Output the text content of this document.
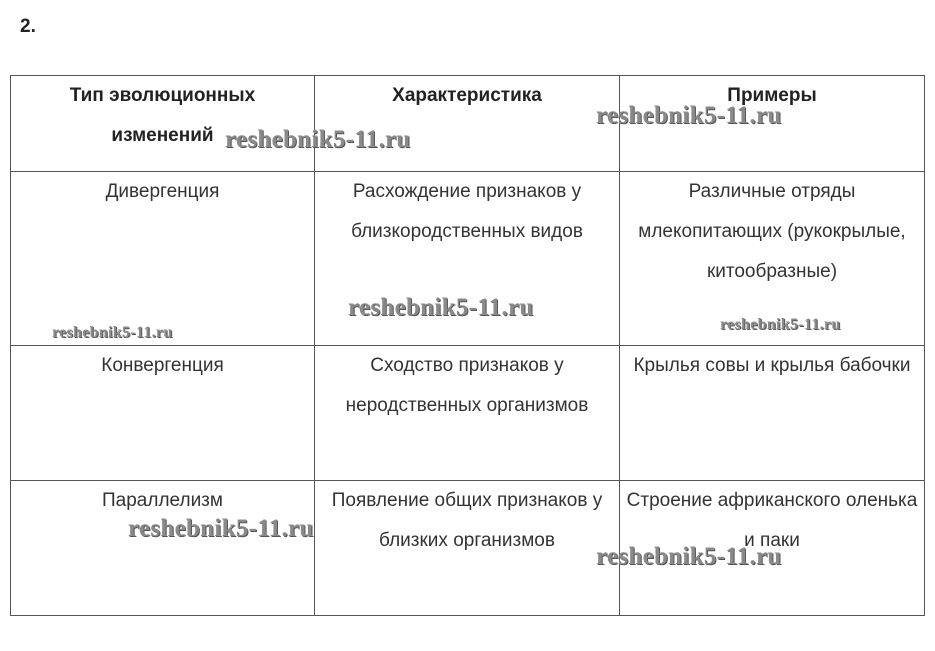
2.
Тип эволюционных изменений	Характеристика	Примеры

Дивергенция	Расхождение признаков у близкородственных видов	Различные отряды млекопитающих (рукокрылые, китообразные)

Конвергенция	Сходство признаков у неродственных организмов	Крылья совы и крылья бабочки

Параллелизм	Появление общих признаков у близких организмов	Строение африканского оленька и паки
reshebnik5-11.ru
reshebnik5-11.ru
reshebnik5-11.ru
reshebnik5-11.ru	reshebnik5-11.ru
reshebnik5-11.ru
reshebnik5-11.ru
